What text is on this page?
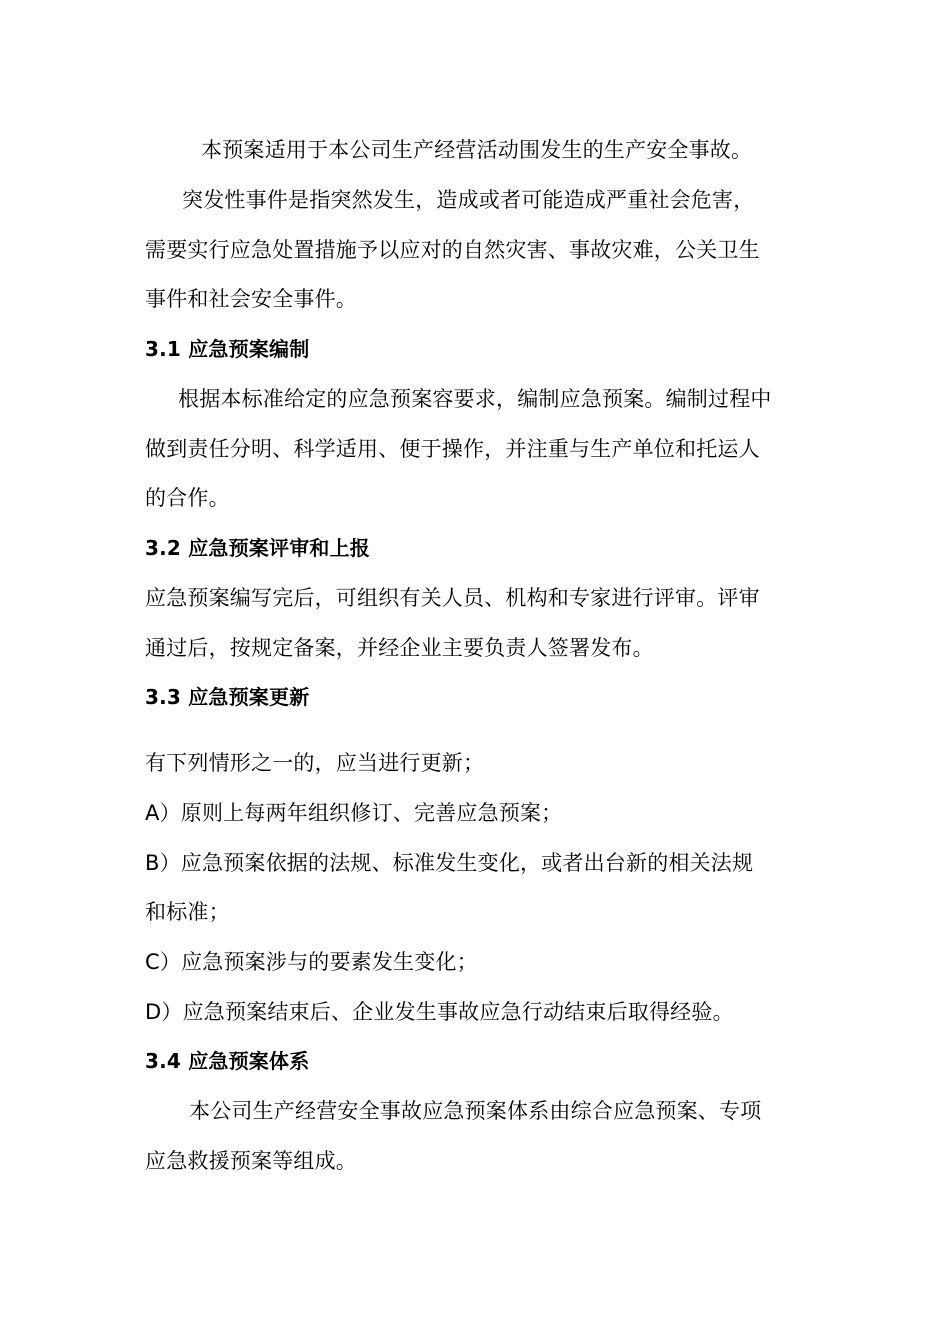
本预案适用于本公司生产经营活动围发生的生产安全事故。
突发性事件是指突然发生，造成或者可能造成严重社会危害，
需要实行应急处置措施予以应对的自然灾害、事故灾难，公关卫生
事件和社会安全事件。
3.1 应急预案编制
根据本标准给定的应急预案容要求，编制应急预案。编制过程中
做到责任分明、科学适用、便于操作，并注重与生产单位和托运人
的合作。
3.2 应急预案评审和上报
应急预案编写完后，可组织有关人员、机构和专家进行评审。评审
通过后，按规定备案，并经企业主要负责人签署发布。
3.3 应急预案更新
有下列情形之一的，应当进行更新；
A）原则上每两年组织修订、完善应急预案；
B）应急预案依据的法规、标准发生变化，或者出台新的相关法规
和标准；
C）应急预案涉与的要素发生变化；
D）应急预案结束后、企业发生事故应急行动结束后取得经验。
3.4 应急预案体系
本公司生产经营安全事故应急预案体系由综合应急预案、专项
应急救援预案等组成。
